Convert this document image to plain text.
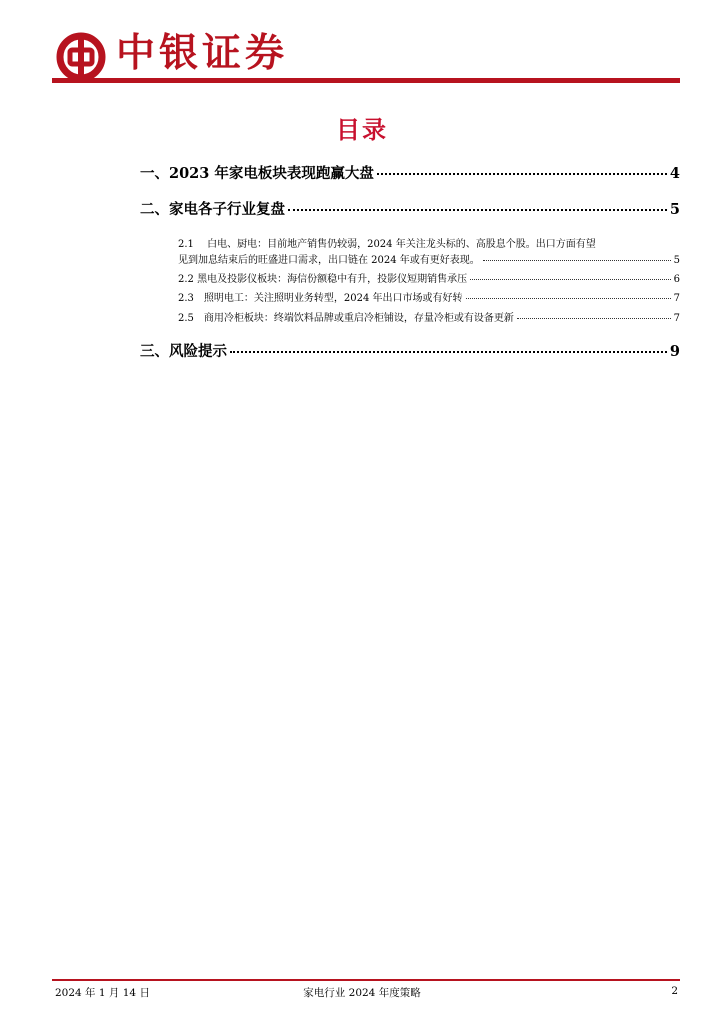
中银证券
目录
一、2023 年家电板块表现跑赢大盘	4
二、家电各子行业复盘	5
2.1　 白电、厨电：目前地产销售仍较弱，2024 年关注龙头标的、高股息个股。出口方面有望
见到加息结束后的旺盛进口需求，出口链在 2024 年或有更好表现。	5
2.2 黑电及投影仪板块：海信份额稳中有升，投影仪短期销售承压	6
2.3　照明电工：关注照明业务转型，2024 年出口市场或有好转	7
2.5　商用冷柜板块：终端饮料品牌或重启冷柜铺设，存量冷柜或有设备更新	7
三、风险提示	9
2024 年 1 月 14 日	家电行业 2024 年度策略	2
